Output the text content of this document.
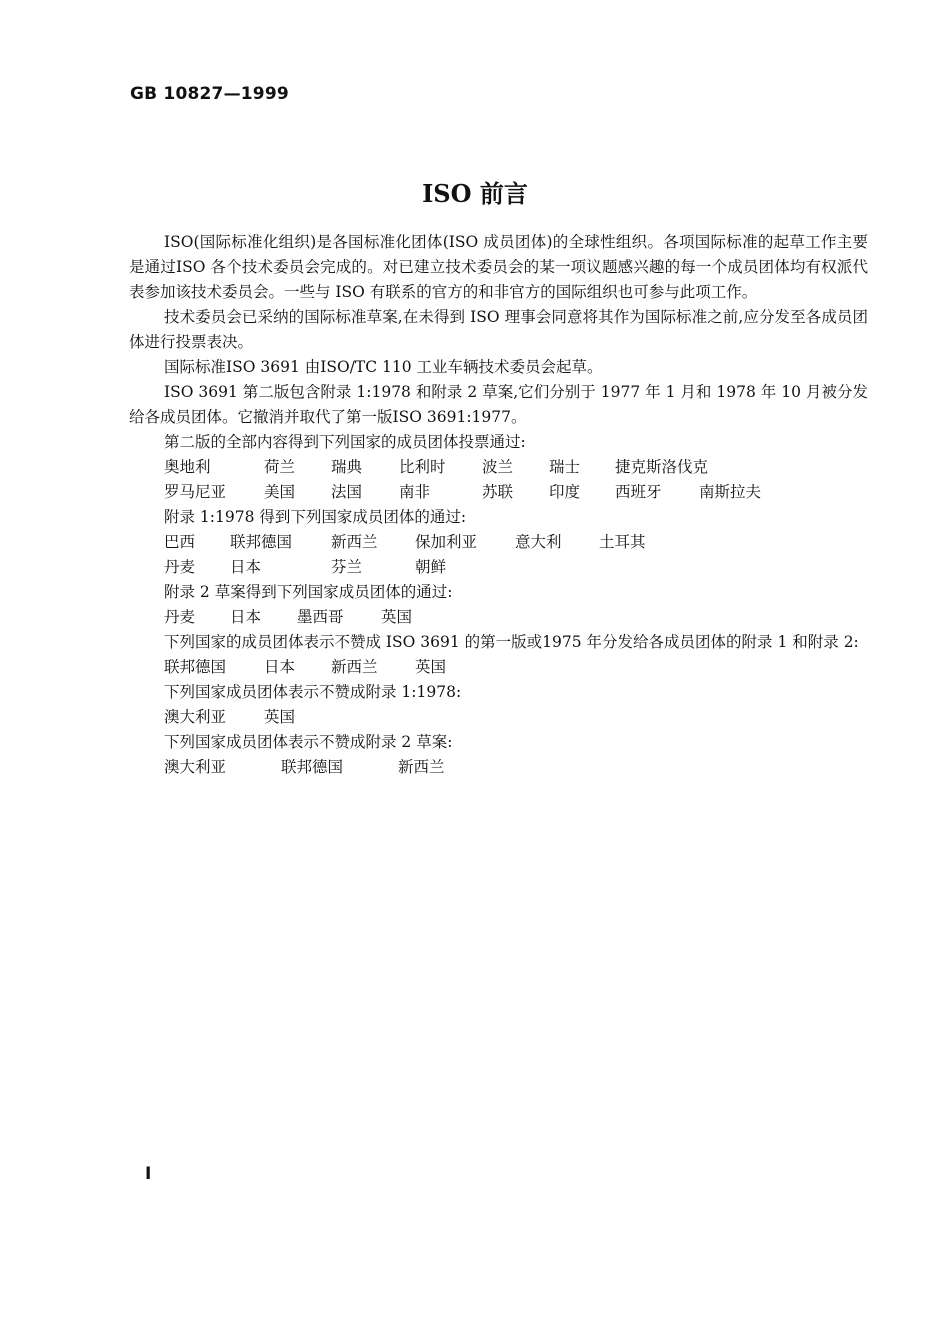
GB 10827—1999
ISO 前言

ISO(国际标准化组织)是各国标准化团体(ISO 成员团体)的全球性组织。各项国际标准的起草工作主要是通过ISO 各个技术委员会完成的。对已建立技术委员会的某一项议题感兴趣的每一个成员团体均有权派代表参加该技术委员会。一些与 ISO 有联系的官方的和非官方的国际组织也可参与此项工作。

技术委员会已采纳的国际标准草案,在未得到 ISO 理事会同意将其作为国际标准之前,应分发至各成员团体进行投票表决。

国际标准ISO 3691 由ISO/TC 110 工业车辆技术委员会起草。

ISO 3691 第二版包含附录 1:1978 和附录 2 草案,它们分别于 1977 年 1 月和 1978 年 10 月被分发给各成员团体。它撤消并取代了第一版ISO 3691:1977。

第二版的全部内容得到下列国家的成员团体投票通过:

奥地利	荷兰 瑞典 比利时 波兰 瑞士 捷克斯洛伐克
罗马尼亚 美国 法国 南非	苏联 印度 西班牙 南斯拉夫

附录 1:1978 得到下列国家成员团体的通过:

巴西 联邦德国	新西兰 保加利亚 意大利 土耳其
丹麦 日本	芬兰	朝鲜

附录 2 草案得到下列国家成员团体的通过:

丹麦 日本 墨西哥 英国

下列国家的成员团体表示不赞成 ISO 3691 的第一版或1975 年分发给各成员团体的附录 1 和附录 2:

联邦德国 日本 新西兰 英国

下列国家成员团体表示不赞成附录 1:1978:

澳大利亚 英国

下列国家成员团体表示不赞成附录 2 草案:

澳大利亚	联邦德国	新西兰
I
